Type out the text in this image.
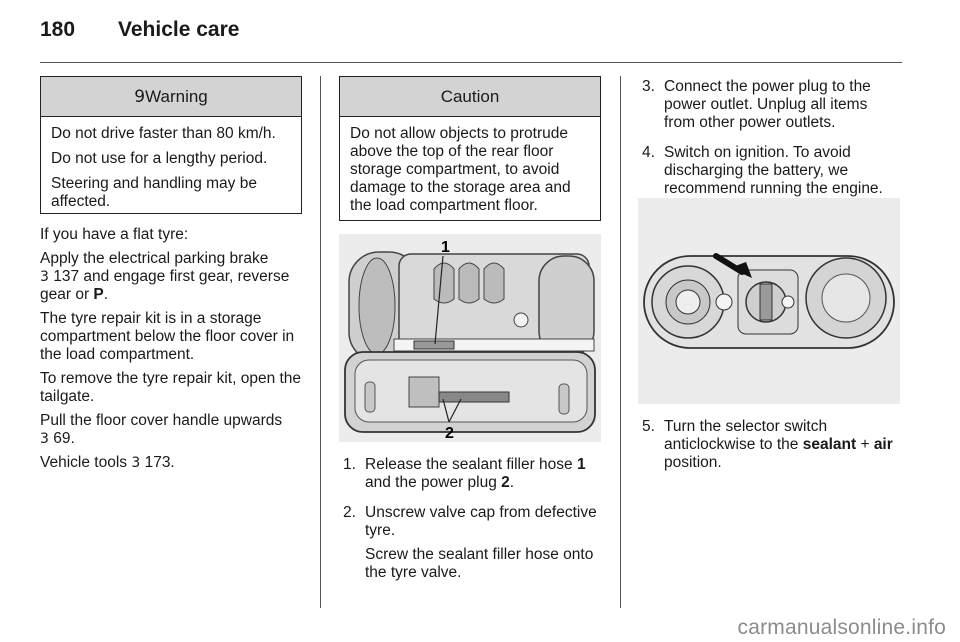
180 Vehicle care
9 Warning

Do not drive faster than 80 km/h.

Do not use for a lengthy period.

Steering and handling may be affected.

If you have a flat tyre:

Apply the electrical parking brake
3 137 and engage first gear, reverse gear or P.

The tyre repair kit is in a storage compartment below the floor cover in the load compartment.

To remove the tyre repair kit, open the tailgate.

Pull the floor cover handle upwards
3 69.

Vehicle tools 3 173.

Caution

Do not allow objects to protrude above the top of the rear floor storage compartment, to avoid damage to the storage area and the load compartment floor.

1
2
1. Release the sealant filler hose 1 and the power plug 2.

2. Unscrew valve cap from defective tyre.

Screw the sealant filler hose onto the tyre valve.

3. Connect the power plug to the power outlet. Unplug all items from other power outlets.

4. Switch on ignition. To avoid discharging the battery, we recommend running the engine.

5. Turn the selector switch anticlockwise to the sealant + air position.

carmanualsonline.info
